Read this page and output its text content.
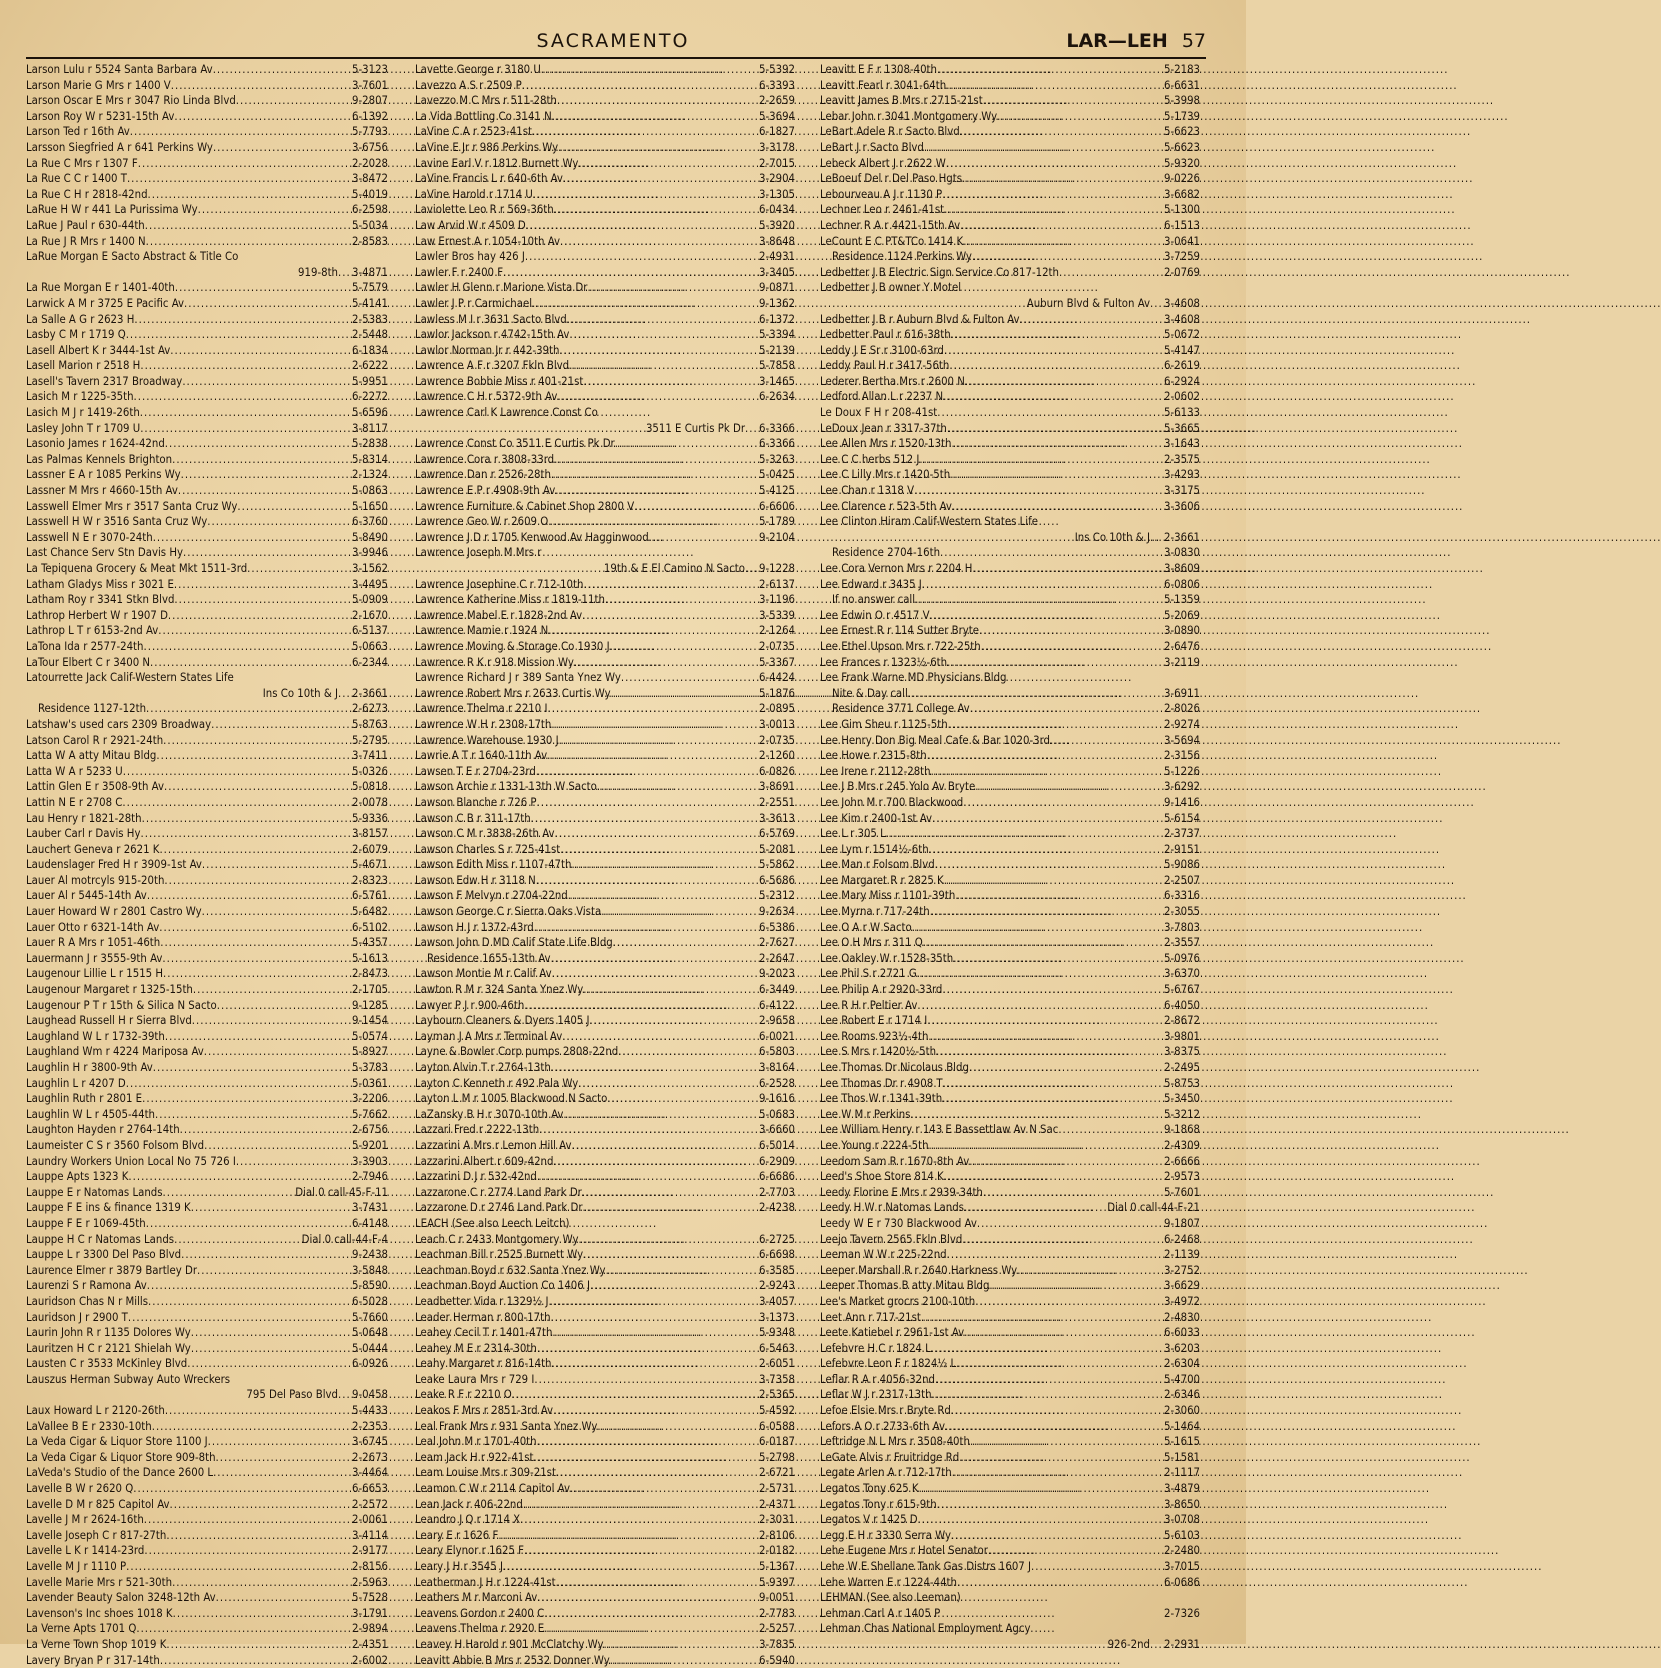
SACRAMENTO	LAR—LEH 57
Larson Lulu r 5524 Santa Barbara Av .....	5-3123
Larson Marie G Mrs r 1400 V .....	3-7601
Larson Oscar E Mrs r 3047 Rio Linda Blvd .....	9-2807
Larson Roy W r 5231-15th Av .....	6-1392
Larson Ted r 16th Av .....	5-7793
Larsson Siegfried A r 641 Perkins Wy .....	3-6756
La Rue C Mrs r 1307 F .....	2-2028
La Rue C C r 1400 T .....	3-8472
La Rue C H r 2818-42nd .....	5-4019
LaRue H W r 441 La Purissima Wy .....	6-2598
LaRue J Paul r 630-44th .....	5-5034
La Rue J R Mrs r 1400 N .....	2-8583
LaRue Morgan E Sacto Abstract & Title Co
919-8th ..... 3-4871
La Rue Morgan E r 1401-40th .....	5-7579
Larwick A M r 3725 E Pacific Av .....	5-4141
La Salle A G r 2623 H .....	2-5383
Lasby C M r 1719 Q .....	2-5448
Lasell Albert K r 3444-1st Av .....	6-1834
Lasell Marion r 2518 H .....	2-6222
Lasell's Tavern 2317 Broadway .....	5-9951
Lasich M r 1225-35th .....	6-2272
Lasich M J r 1419-26th .....	5-6596
Lasley John T r 1709 U .....	3-8117
Lasonio James r 1624-42nd .....	5-2838
Las Palmas Kennels Brighton .....	5-8314
Lassner E A r 1085 Perkins Wy .....	2-1324
Lassner M Mrs r 4660-15th Av .....	5-0863
Lasswell Elmer Mrs r 3517 Santa Cruz Wy .....	5-1650
Lasswell H W r 3516 Santa Cruz Wy .....	6-3760
Lasswell N E r 3070-24th .....	5-8490
Last Chance Serv Stn Davis Hy .....	3-9946
La Tepiquena Grocery & Meat Mkt 1511-3rd .....	3-1562
Latham Gladys Miss r 3021 E .....	3-4495
Latham Roy r 3341 Stkn Blvd .....	5-0909
Lathrop Herbert W r 1907 D .....	2-1670
Lathrop L T r 6153-2nd Av .....	6-5137
LaTona Ida r 2577-24th .....	5-0663
LaTour Elbert C r 3400 N .....	6-2344
Latourrette Jack Calif-Western States Life
Ins Co 10th & J ..... 2-3661
Residence 1127-12th .....	2-6273
Latshaw's used cars 2309 Broadway .....	5-8763
Latson Carol R r 2921-24th .....	5-2795
Latta W A atty Mitau Bldg .....	3-7411
Latta W A r 5233 U .....	5-0326
Lattin Glen E r 3508-9th Av .....	5-0818
Lattin N E r 2708 C .....	2-0078
Lau Henry r 1821-28th .....	5-9336
Lauber Carl r Davis Hy .....	3-8157
Lauchert Geneva r 2621 K .....	2-6079
Laudenslager Fred H r 3909-1st Av .....	5-4671
Lauer Al motrcyls 915-20th .....	2-8323
Lauer Al r 5445-14th Av .....	6-5761
Lauer Howard W r 2801 Castro Wy .....	5-6482
Lauer Otto r 6321-14th Av .....	6-5102
Lauer R A Mrs r 1051-46th .....	5-4357
Lauermann J r 3555-9th Av .....	5-1613
Laugenour Lillie L r 1515 H .....	2-8473
Laugenour Margaret r 1325-15th .....	2-1705
Laugenour P T r 15th & Silica N Sacto .....	9-1285
Laughead Russell H r Sierra Blvd .....	9-1454
Laughland W L r 1732-39th .....	5-0574
Laughland Wm r 4224 Mariposa Av .....	5-8927
Laughlin H r 3800-9th Av .....	5-3783
Laughlin L r 4207 D .....	5-0361
Laughlin Ruth r 2801 E .....	3-2206
Laughlin W L r 4505-44th .....	5-7662
Laughton Hayden r 2764-14th .....	2-6756
Laumeister C S r 3560 Folsom Blvd .....	5-9201
Laundry Workers Union Local No 75 726 I .....	3-3903
Lauppe Apts 1323 K .....	2-7946
Lauppe E r Natomas Lands .....	Dial 0 call-45-F-11
Lauppe F E ins & finance 1319 K .....	3-7431
Lauppe F E r 1069-45th .....	6-4148
Lauppe H C r Natomas Lands .....	Dial 0 call-44-F-4
Lauppe L r 3300 Del Paso Blvd .....	9-2438
Laurence Elmer r 3879 Bartley Dr .....	3-5848
Laurenzi S r Ramona Av .....	5-8590
Lauridson Chas N r Mills .....	6-5028
Lauridson J r 2900 T .....	5-7660
Laurin John R r 1135 Dolores Wy .....	5-0648
Lauritzen H C r 2121 Shielah Wy .....	5-0444
Lausten C r 3533 McKinley Blvd .....	6-0926
Lauszus Herman Subway Auto Wreckers
795 Del Paso Blvd ..... 9-0458
Laux Howard L r 2120-26th .....	5-4433
LaVallee B E r 2330-10th .....	2-2353
La Veda Cigar & Liquor Store 1100 J .....	3-6745
La Veda Cigar & Liquor Store 909-8th .....	2-2673
LaVeda's Studio of the Dance 2600 L .....	3-4464
Lavelle B W r 2620 Q .....	6-6653
Lavelle D M r 825 Capitol Av .....	2-2572
Lavelle J M r 2624-16th .....	2-0061
Lavelle Joseph C r 817-27th .....	3-4114
Lavelle L K r 1414-23rd .....	2-9177
Lavelle M J r 1110 P .....	2-8156
Lavelle Marie Mrs r 521-30th .....	2-5963
Lavender Beauty Salon 3248-12th Av .....	5-7528
Lavenson's Inc shoes 1018 K .....	3-1791
La Verne Apts 1701 Q .....	2-9894
La Verne Town Shop 1019 K .....	2-4351
Lavery Bryan P r 317-14th .....	2-6002
Lavette George r 3180 U .....	5-5392
Lavezzo A S r 2509 P .....	6-3393
Lavezzo M C Mrs r 511-28th .....	2-2659
La Vida Bottling Co 3141 N .....	5-3694
LaVine C A r 2523-41st .....	6-1827
LaVine E Jr r 986 Perkins Wy .....	3-3178
Lavine Earl V r 1812 Burnett Wy .....	2-7015
LaVine Francis L r 640-6th Av .....	3-2904
LaVine Harold r 1714 U .....	3-1305
Laviolette Leo R r 569-36th .....	6-0434
Law Arvid W r 4509 D .....	5-3920
Law Ernest A r 1054-10th Av .....	3-8648
Lawler Bros hay 426 J .....	2-4931
Lawler F r 2400 F .....	3-3405
Lawler H Glenn r Marione Vista Dr .....	9-0871
Lawler J P r Carmichael .....	9-1362
Lawless M I r 3631 Sacto Blvd .....	6-1372
Lawlor Jackson r 4742-15th Av .....	5-3394
Lawlor Norman Jr r 442-39th .....	5-2139
Lawrence A F r 3207 Fkln Blvd .....	5-7858
Lawrence Bobbie Miss r 401-21st .....	3-1465
Lawrence C H r 5372-9th Av .....	6-2634
Lawrence Carl K Lawrence Const Co
3511 E Curtis Pk Dr ..... 6-3366
Lawrence Const Co 3511 E Curtis Pk Dr .....	6-3366
Lawrence Cora r 3808-33rd .....	5-3263
Lawrence Dan r 2526-28th .....	5-0425
Lawrence E P r 4908-9th Av .....	5-4125
Lawrence Furniture & Cabinet Shop 2800 V .....	6-6606
Lawrence Geo W r 2609 O .....	5-1789
Lawrence J D r 1705 Kenwood Av Hagginwood .....	9-2104
Lawrence Joseph M Mrs r
19th & E El Camino N Sacto ..... 9-1228
Lawrence Josephine C r 712-10th .....	2-6137
Lawrence Katherine Miss r 1819-11th .....	3-1196
Lawrence Mabel E r 1828-2nd Av .....	3-5339
Lawrence Mamie r 1924 N .....	2-1264
Lawrence Moving & Storage Co 1930 J .....	2-0735
Lawrence R K r 918 Mission Wy .....	5-3367
Lawrence Richard J r 389 Santa Ynez Wy .....	6-4424
Lawrence Robert Mrs r 2633 Curtis Wy .....	5-1876
Lawrence Thelma r 2210 I .....	2-0895
Lawrence W H r 2308-17th .....	3-0013
Lawrence Warehouse 1930 J .....	2-0735
Lawrie A T r 1640-11th Av .....	2-1260
Lawsen T E r 2704-23rd .....	6-0826
Lawson Archie r 1331-13th W Sacto .....	3-8691
Lawson Blanche r 726 P .....	2-2551
Lawson C B r 311-17th .....	3-3613
Lawson C M r 3838-26th Av .....	6-5769
Lawson Charles S r 725-41st .....	5-2081
Lawson Edith Miss r 1107-47th .....	5-5862
Lawson Edw H r 3118 N .....	6-5686
Lawson F Melvyn r 2704-22nd .....	5-2312
Lawson George C r Sierra Oaks Vista .....	9-2634
Lawson H J r 1372-43rd .....	6-5386
Lawson John D MD Calif State Life Bldg .....	2-7627
Residence 1655-13th Av .....	2-2647
Lawson Montie M r Calif Av .....	9-2023
Lawton R M r 324 Santa Ynez Wy .....	6-3449
Lawyer P J r 900-46th .....	6-4122
Laybourn Cleaners & Dyers 1405 J .....	2-9658
Layman J A Mrs r Terminal Av .....	6-0021
Layne & Bowler Corp pumps 2808-22nd .....	6-5803
Layton Alvin T r 2764-13th .....	3-8164
Layton C Kenneth r 492 Pala Wy .....	6-2528
Layton L M r 1005 Blackwood N Sacto .....	9-1616
LaZansky B H r 3070-10th Av .....	5-0683
Lazzari Fred r 2222-13th .....	3-6660
Lazzarini A Mrs r Lemon Hill Av .....	6-5014
Lazzarini Albert r 609-42nd .....	6-2909
Lazzarini D J r 532-42nd .....	6-6686
Lazzarone C r 2774 Land Park Dr .....	2-7703
Lazzarone D r 2746 Land Park Dr .....	2-4238
LEACH (See also Leech Leitch)
Leach C r 2433 Montgomery Wy .....	6-2725
Leachman Bill r 2525 Burnett Wy .....	6-6698
Leachman Boyd r 632 Santa Ynez Wy .....	6-3585
Leachman Boyd Auction Co 1406 J .....	2-9243
Leadbetter Vida r 1329½ J .....	3-4057
Leader Herman r 800-17th .....	3-1373
Leahey Cecil T r 1401-47th .....	5-9348
Leahey M E r 2314-30th .....	6-5463
Leahy Margaret r 816-14th .....	2-6051
Leake Laura Mrs r 729 I .....	3-7358
Leake R F r 2210 O .....	2-5365
Leakos F Mrs r 2851-3rd Av .....	5-4592
Leal Frank Mrs r 931 Santa Ynez Wy .....	6-0588
Leal John M r 1701-40th .....	6-0187
Leam Jack H r 922-41st .....	5-2798
Leam Louise Mrs r 309-21st .....	2-6721
Leamon C W r 2114 Capitol Av .....	2-5731
Lean Jack r 406-22nd .....	2-4371
Leandro J Q r 1714 X .....	2-3031
Leary E r 1626 F .....	2-8106
Leary Elynor r 1625 F .....	2-0182
Leary J H r 3545 J .....	5-1367
Leatherman J H r 1224-41st .....	5-9397
Leathers M r Marconi Av .....	9-0051
Leavens Gordon r 2400 C .....	2-7783
Leavens Thelma r 2920 E .....	2-5257
Leavey H Harold r 901 McClatchy Wy .....	3-7835
Leavitt Abbie B Mrs r 2532 Donner Wy .....	6-5940
Leavitt E F r 1308-40th .....	5-2183
Leavitt Fearl r 3041-64th .....	6-6631
Leavitt James B Mrs r 2715-21st .....	5-3998
Lebar John r 3041 Montgomery Wy .....	5-1739
LeBart Adele R r Sacto Blvd .....	5-6623
LeBart J r Sacto Blvd .....	5-6623
Lebeck Albert J r 2622 W .....	5-9320
LeBoeuf Del r Del Paso Hgts .....	9-0226
Lebourveau A J r 1130 P .....	3-6682
Lechner Leo r 2461-41st .....	5-1300
Lechner R A r 4421-15th Av .....	6-1513
LeCount E C PT&TCo 1414 K .....	3-0641
Residence 1124 Perkins Wy .....	3-7259
Ledbetter J B Electric Sign Service Co 817-12th .....	2-0769
Ledbetter J B owner Y Motel
Auburn Blvd & Fulton Av ..... 3-4608
Ledbetter J B r Auburn Blvd & Fulton Av .....	3-4608
Ledbetter Paul r 616-38th .....	5-0672
Leddy J E Sr r 3100-63rd .....	5-4147
Leddy Paul H r 3417-56th .....	6-2619
Lederer Bertha Mrs r 2600 N .....	6-2924
Ledford Allan L r 2237 N .....	2-0602
Le Doux F H r 208-41st .....	5-6133
LeDoux Jean r 3317-37th .....	5-3665
Lee Allen Mrs r 1520-13th .....	3-1643
Lee C C herbs 512 J .....	2-3575
Lee C Lilly Mrs r 1420-5th .....	3-4293
Lee Chan r 1318 V .....	3-3175
Lee Clarence r 523-5th Av .....	3-3606
Lee Clinton Hiram Calif-Western States Life
Ins Co 10th & J ..... 2-3661
Residence 2704-16th .....	3-0830
Lee Cora Vernon Mrs r 2204 H .....	3-8609
Lee Edward r 3435 J .....	6-0806
If no answer call .....	5-1359
Lee Edwin O r 4517 V .....	5-2069
Lee Ernest R r 114 Sutter Bryte .....	3-0890
Lee Ethel Upson Mrs r 722-25th .....	2-6476
Lee Frances r 1323½-6th .....	3-2119
Lee Frank Warne MD Physicians Bldg
Nite & Day call .....	3-6911
Residence 3771 College Av .....	2-8026
Lee Gim Sheu r 1125-5th .....	2-9274
Lee Henry Don Big Meal Cafe & Bar 1020-3rd .....	3-5694
Lee Howe r 2315-8th .....	2-3156
Lee Irene r 2112-28th .....	5-1226
Lee J B Mrs r 245 Yolo Av Bryte .....	3-6292
Lee John M r 700 Blackwood .....	9-1416
Lee Kim r 2400-1st Av .....	5-6154
Lee L r 305 L .....	2-3737
Lee Lym r 1514½-6th .....	2-9151
Lee Man r Folsom Blvd .....	5-9086
Lee Margaret R r 2825 K .....	2-2507
Lee Mary Miss r 1101-39th .....	6-3316
Lee Myrna r 717-24th .....	2-3055
Lee O A r W Sacto .....	3-7803
Lee O H Mrs r 311 Q .....	2-3557
Lee Oakley W r 1528-35th .....	5-0976
Lee Phil S r 2721 G .....	3-6370
Lee Philip A r 2920-33rd .....	5-6767
Lee R H r Peltier Av .....	6-4050
Lee Robert E r 1714 I .....	2-8672
Lee Rooms 923½-4th .....	3-9801
Lee S Mrs r 1420½-5th .....	3-8375
Lee Thomas Dr Nicolaus Bldg .....	2-2495
Lee Thomas Dr r 4908 T .....	5-8753
Lee Thos W r 1341-39th .....	5-3450
Lee W M r Perkins .....	5-3212
Lee William Henry r 143 E Bassettlaw Av N Sac .....	9-1868
Lee Young r 2224-5th .....	2-4309
Leedom Sam R r 1670-8th Av .....	2-6666
Leed's Shoe Store 814 K .....	2-9573
Leedy Florine E Mrs r 2939-34th .....	5-7601
Leedy H W r Natomas Lands .....	Dial 0 call-44-F-21
Leedy W E r 730 Blackwood Av .....	9-1807
Leejo Tavern 2565 Fkln Blvd .....	6-2468
Leeman W W r 225-22nd .....	2-1139
Leeper Marshall R r 2640 Harkness Wy .....	3-2752
Leeper Thomas B atty Mitau Bldg .....	3-6629
Lee's Market grocrs 2100-10th .....	3-4972
Leet Ann r 717-21st .....	2-4830
Leete Katiebel r 2961-1st Av .....	6-6033
Lefebvre H C r 1824 L .....	3-6203
Lefebvre Leon F r 1824½ L .....	2-6304
Leflar R A r 4056-32nd .....	5-4700
Leflar W J r 2317-13th .....	2-6346
Lefoe Elsie Mrs r Bryte Rd .....	2-3060
Lefors A O r 2733-6th Av .....	5-1464
Leftridge N L Mrs r 3508-40th .....	5-1615
LeGate Alvis r Fruitridge Rd .....	5-1581
Legate Arlen A r 712-17th .....	2-1117
Legatos Tony 625 K .....	3-4879
Legatos Tony r 615-9th .....	3-8650
Legatos V r 1425 D .....	3-0708
Legg E H r 3330 Serra Wy .....	5-6103
Lehe Eugene Mrs r Hotel Senator .....	2-2480
Lehe W E Shellane Tank Gas Distrs 1607 J .....	3-7015
Lehe Warren E r 1224-44th .....	6-0686
LEHMAN (See also Leeman)
Lehman Carl A r 1405 P	2-7326
Lehman Chas National Employment Agcy
926-2nd ..... 2-2931
